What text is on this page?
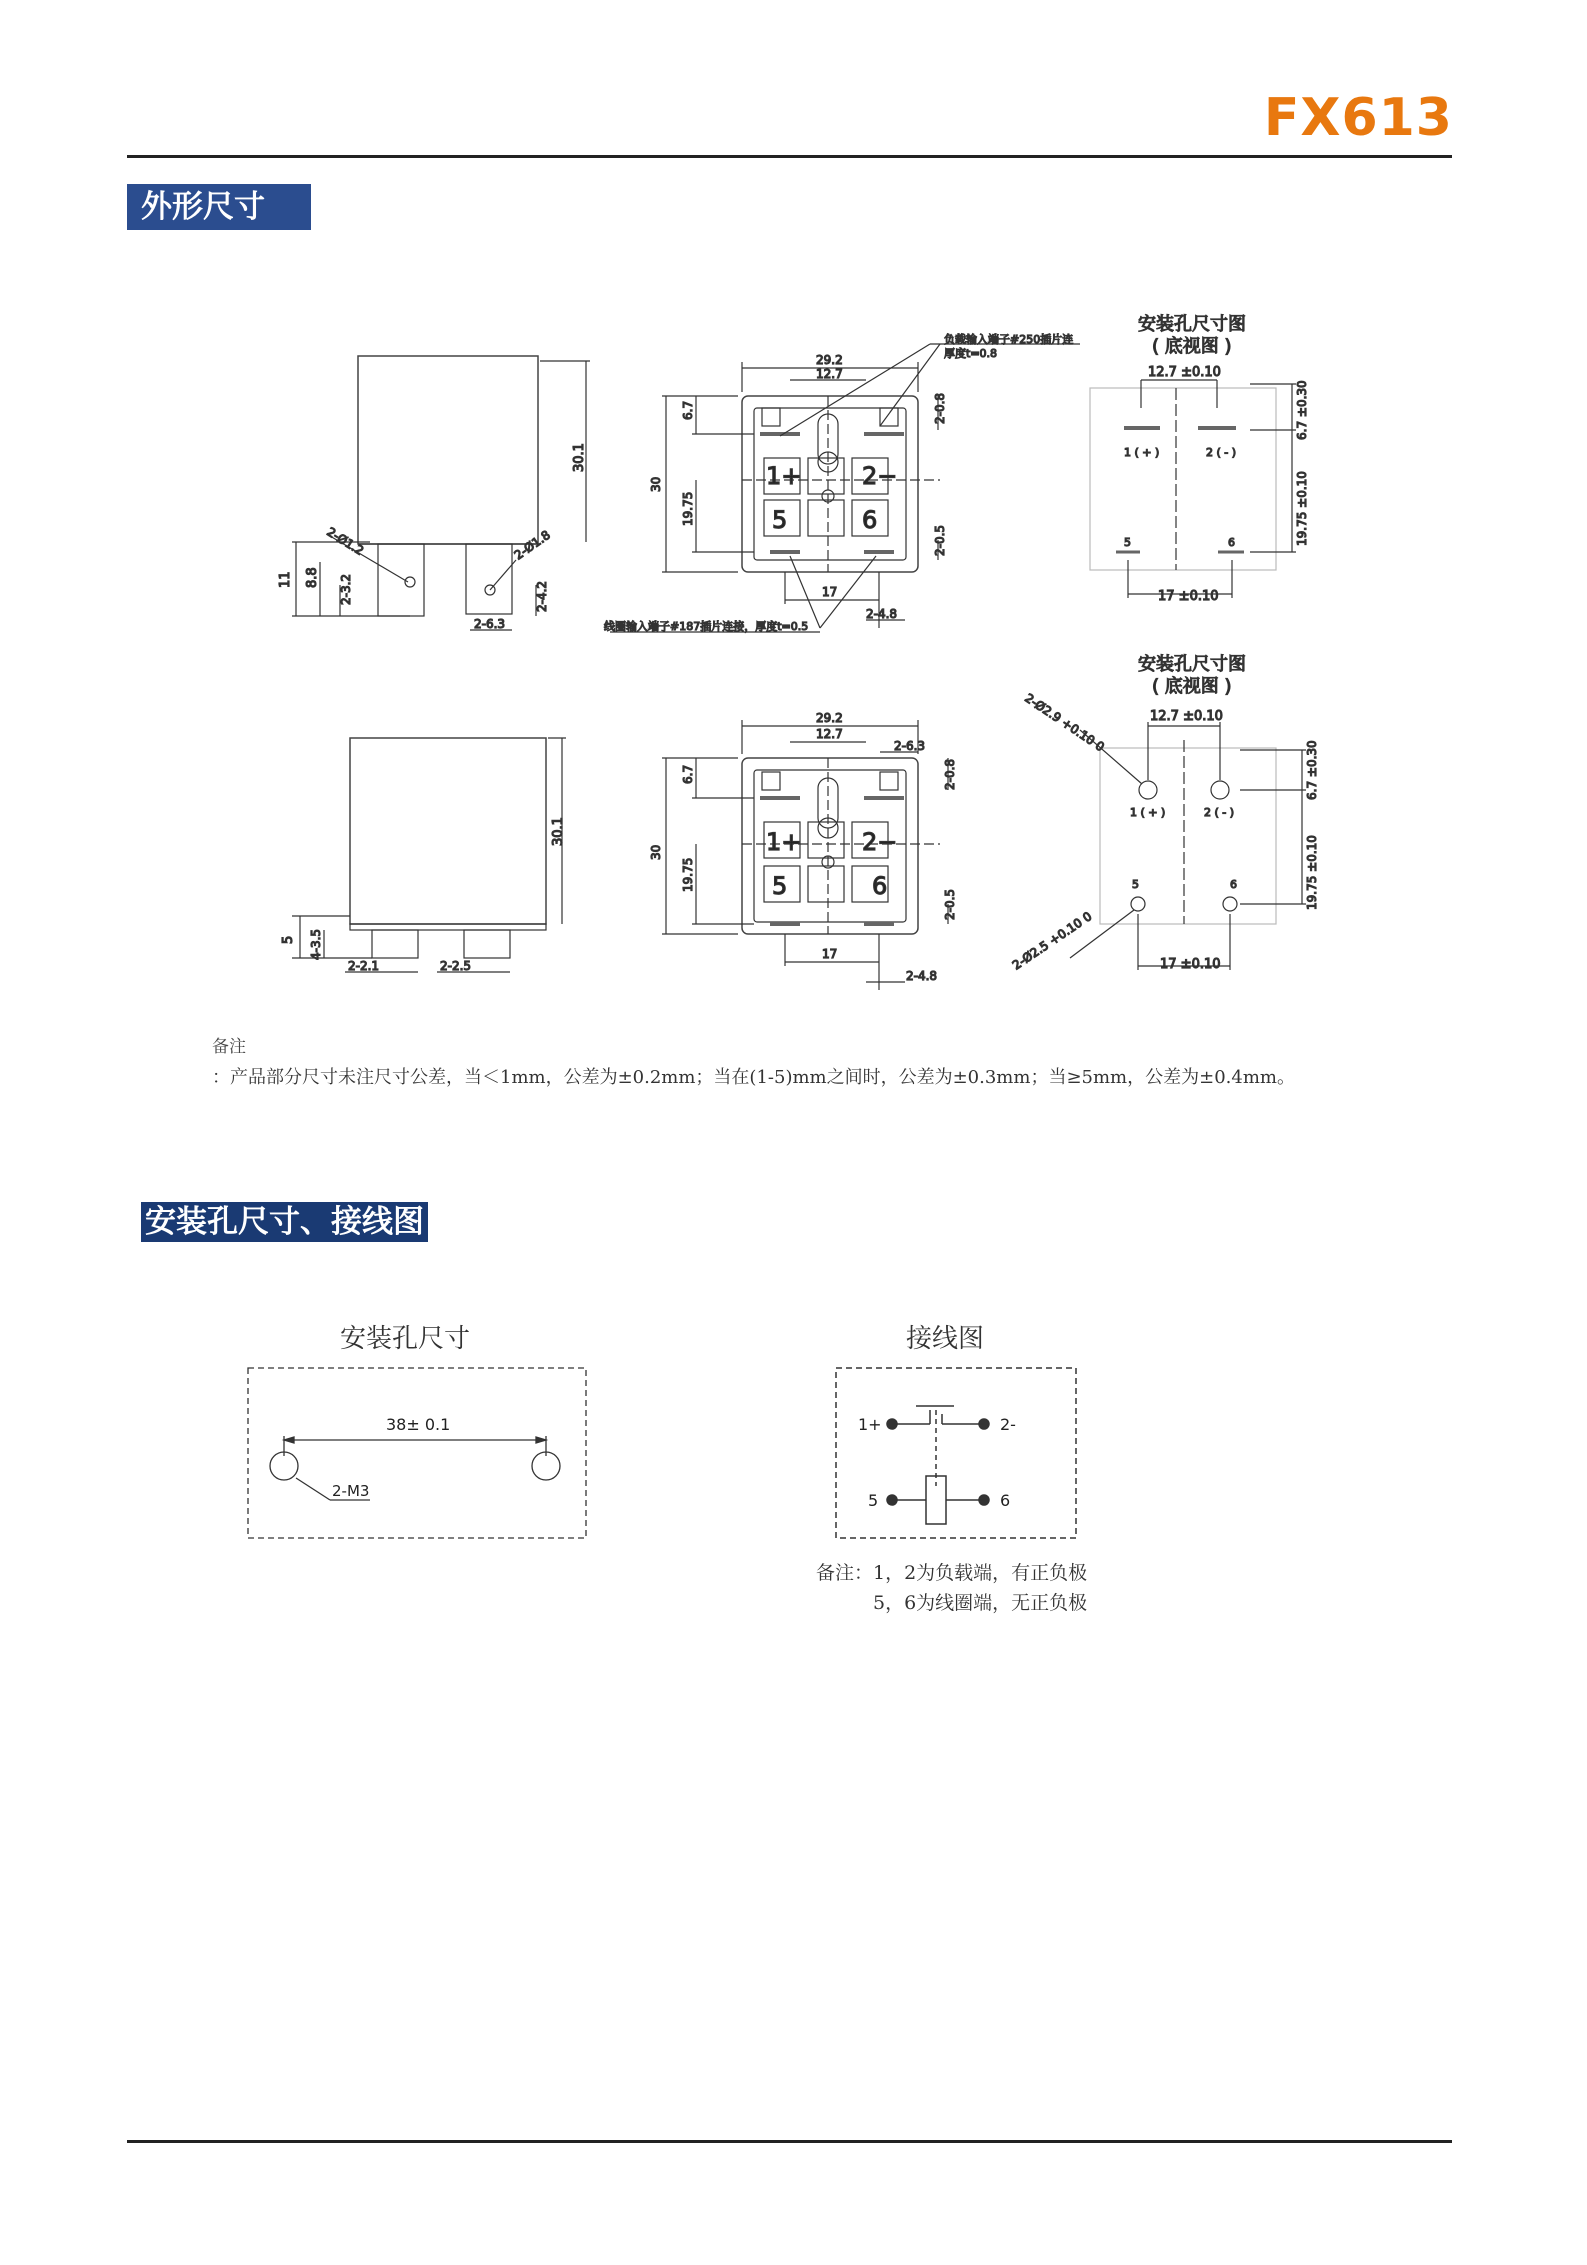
FX613
外形尺寸
30.1
11 8.8 2-3.2
2-Ø1.2	2-Ø1.8
2-4.2
2-6.3
1+	2−
5	6
29.2
12.7
30
6.7
19.75
2-0.8
2-0.5
17
2-4.8
负载输入端子#250插片连
厚度t=0.8
线圈输入端子#187插片连接，厚度t=0.5
安装孔尺寸图
( 底视图 )
12.7 ±0.10
1 ( + )	2 ( - )
5	6
6.7 ±0.30
19.75 ±0.10
17 ±0.10
30.1
5 4-3.5
2-2.1	2-2.5
1+	2−
5	6
29.2
12.7
2-6.3
30
6.7
19.75
2-0.8
2-0.5
17
2-4.8
安装孔尺寸图
( 底视图 )
12.7 ±0.10
2-Ø2.9 +0.10 0
2-Ø2.5 +0.10 0
1 ( + )	2 ( - )
5	6
6.7 ±0.30
19.75 ±0.10
17 ±0.10
备注
：产品部分尺寸未注尺寸公差，当＜1mm，公差为±0.2mm；当在(1-5)mm之间时，公差为±0.3mm；当≥5mm，公差为±0.4mm。
安装孔尺寸、接线图
安装孔尺寸
38± 0.1
2-M3
接线图
1+	2-
5	6
备注：1，2为负载端，有正负极
5，6为线圈端，无正负极
